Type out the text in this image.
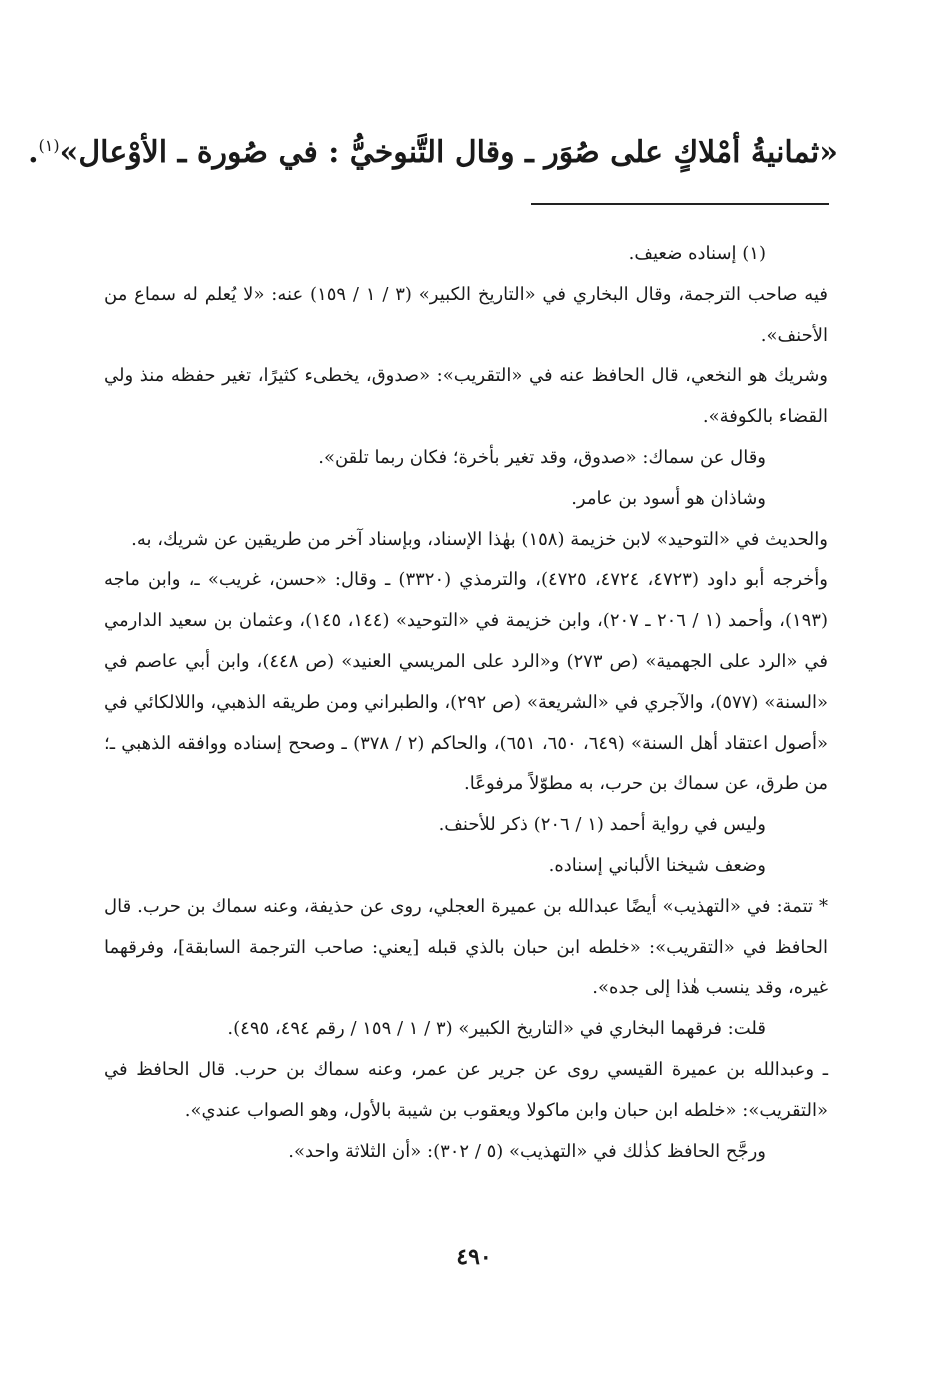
«ثمانيةُ أمْلاكٍ على صُوَر ـ وقال التَّنوخيُّ : في صُورة ـ الأوْعال»$^{(١)}$.

(١) إسناده ضعيف.

فيه صاحب الترجمة، وقال البخاري في «التاريخ الكبير» (٣ / ١ / ١٥٩) عنه: «لا يُعلم له سماع من الأحنف».

وشريك هو النخعي، قال الحافظ عنه في «التقريب»: «صدوق، يخطىء كثيرًا، تغير حفظه منذ ولي القضاء بالكوفة».

وقال عن سماك: «صدوق، وقد تغير بأخرة؛ فكان ربما تلقن».

وشاذان هو أسود بن عامر.

والحديث في «التوحيد» لابن خزيمة (١٥٨) بهٰذا الإسناد، وبإسناد آخر من طريقين عن شريك، به.

وأخرجه أبو داود (٤٧٢٣، ٤٧٢٤، ٤٧٢٥)، والترمذي (٣٣٢٠) ـ وقال: «حسن، غريب» ـ، وابن ماجه (١٩٣)، وأحمد (١ / ٢٠٦ ـ ٢٠٧)، وابن خزيمة في «التوحيد» (١٤٤، ١٤٥)، وعثمان بن سعيد الدارمي في «الرد على الجهمية» (ص ٢٧٣) و«الرد على المريسي العنيد» (ص ٤٤٨)، وابن أبي عاصم في «السنة» (٥٧٧)، والآجري في «الشريعة» (ص ٢٩٢)، والطبراني ومن طريقه الذهبي، واللالكائي في «أصول اعتقاد أهل السنة» (٦٤٩، ٦٥٠، ٦٥١)، والحاكم (٢ / ٣٧٨) ـ وصحح إسناده ووافقه الذهبي ـ؛ من طرق، عن سماك بن حرب، به مطوّلاً مرفوعًا.

وليس في رواية أحمد (١ / ٢٠٦) ذكر للأحنف.

وضعف شيخنا الألباني إسناده.

* تتمة: في «التهذيب» أيضًا عبدالله بن عميرة العجلي، روى عن حذيفة، وعنه سماك بن حرب. قال الحافظ في «التقريب»: «خلطه ابن حبان بالذي قبله [يعني: صاحب الترجمة السابقة]، وفرقهما غيره، وقد ينسب هٰذا إلى جده».

قلت: فرقهما البخاري في «التاريخ الكبير» (٣ / ١ / ١٥٩ / رقم ٤٩٤، ٤٩٥).

ـ وعبدالله بن عميرة القيسي روى عن جرير عن عمر، وعنه سماك بن حرب. قال الحافظ في «التقريب»: «خلطه ابن حبان وابن ماكولا ويعقوب بن شيبة بالأول، وهو الصواب عندي».

ورجَّح الحافظ كذٰلك في «التهذيب» (٥ / ٣٠٢): «أن الثلاثة واحد».

٤٩٠
